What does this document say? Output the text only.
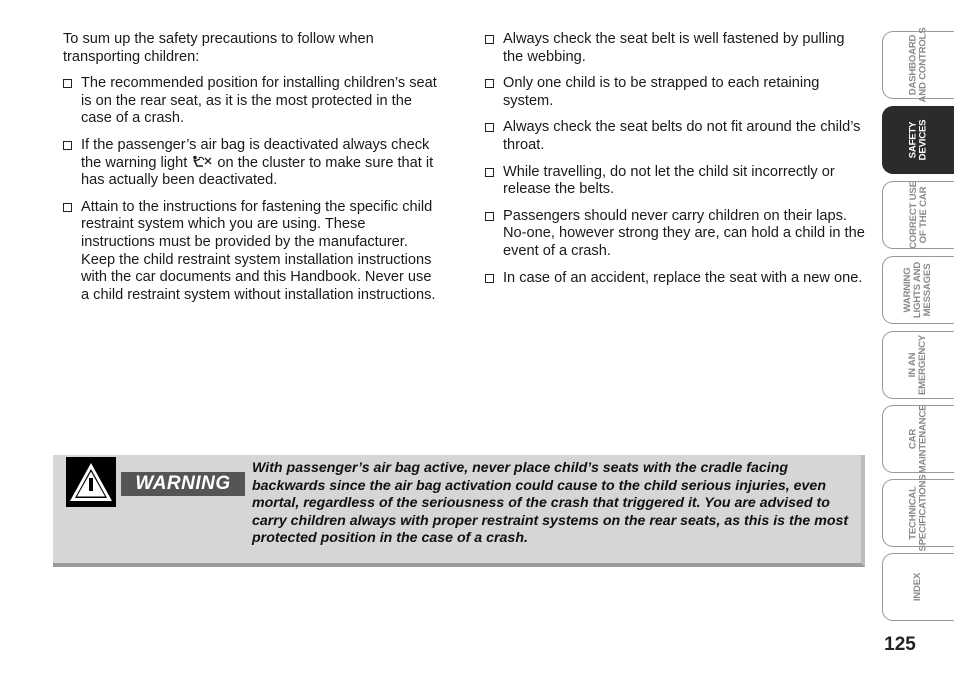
To sum up the safety precautions to follow when transporting children:

The recommended position for installing children’s seat is on the rear seat, as it is the most protected in the case of a crash.
If the passenger’s air bag is deactivated always check the warning light on the cluster to make sure that it has actually been deactivated.
Attain to the instructions for fastening the specific child restraint system which you are using. These instructions must be provided by the manufacturer. Keep the child restraint system installation instructions with the car documents and this Handbook. Never use a child restraint system without installation instructions.
Always check the seat belt is well fastened by pulling the webbing.
Only one child is to be strapped to each retaining system.
Always check the seat belts do not fit around the child’s throat.
While travelling, do not let the child sit incorrectly or release the belts.
Passengers should never carry children on their laps. No-one, however strong they are, can hold a child in the event of a crash.
In case of an accident, replace the seat with a new one.
WARNING
With passenger’s air bag active, never place child’s seats with the cradle facing backwards since the air bag activation could cause to the child serious injuries, even mortal, regardless of the seriousness of the crash that triggered it. You are advised to carry children always with proper restraint systems on the rear seats, as this is the most protected position in the case of a crash.
DASHBOARD
AND CONTROLS
SAFETY
DEVICES
CORRECT USE
OF THE CAR
WARNING
LIGHTS AND
MESSAGES
IN AN
EMERGENCY
CAR
MAINTENANCE
TECHNICAL
SPECIFICATIONS
INDEX
125
